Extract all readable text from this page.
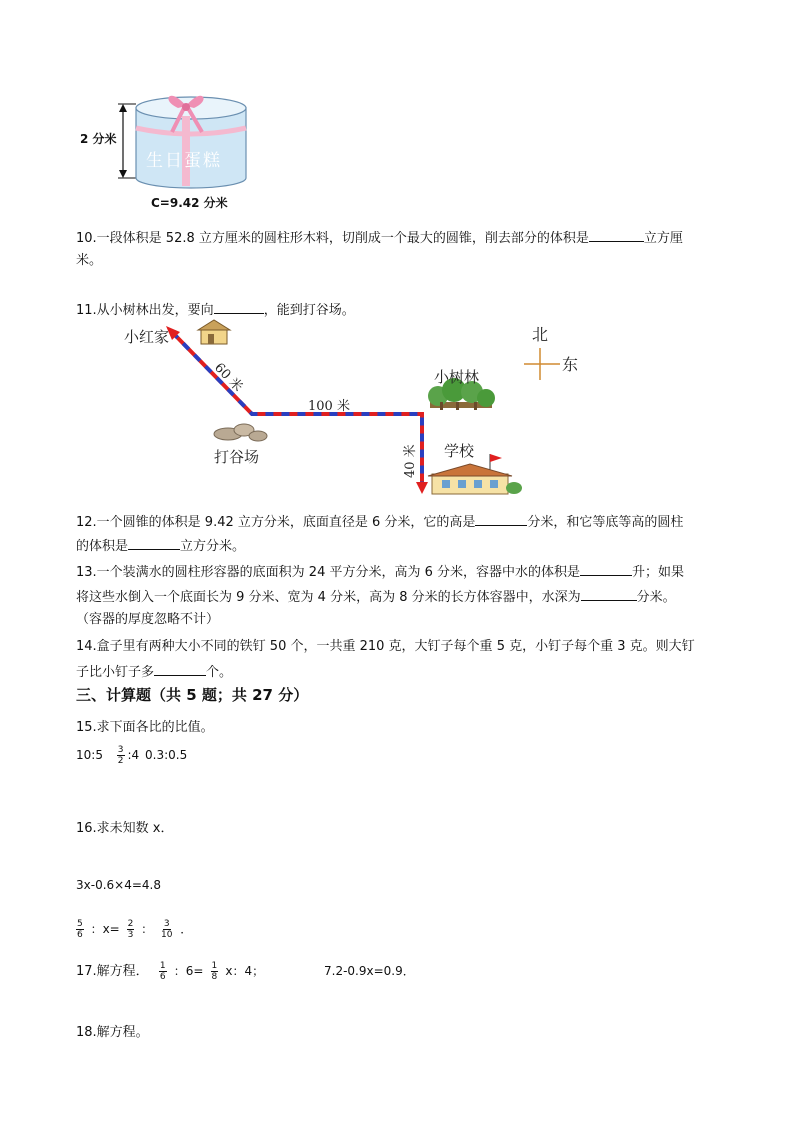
2 分米
生日蛋糕
C=9.42 分米
10.一段体积是 52.8 立方厘米的圆柱形木料，切削成一个最大的圆锥，削去部分的体积是	立方厘
米。
11.从小树林出发，要向	，能到打谷场。
小红家
60 米
100 米
40 米
小树林
学校
打谷场
北
东
12.一个圆锥的体积是 9.42 立方分米，底面直径是 6 分米，它的高是	分米，和它等底等高的圆柱
的体积是	立方分米。
13.一个装满水的圆柱形容器的底面积为 24 平方分米，高为 6 分米，容器中水的体积是	升；如果
将这些水倒入一个底面长为 9 分米、宽为 4 分米，高为 8 分米的长方体容器中，水深为	分米。
（容器的厚度忽略不计）
14.盒子里有两种大小不同的铁钉 50 个，一共重 210 克，大钉子每个重 5 克，小钉子每个重 3 克。则大钉
子比小钉子多	个。
三、计算题（共 5 题；共 27 分）
15.求下面各比的比值。
10:5 $\frac{3}{2}$ :4 0.3:0.5
16.求未知数 x．
3x-0.6×4=4.8
$\frac{5}{6}$ ：$x= \frac{2}{3}$ ： $\frac{3}{10}$ ．
17.解方程． $\frac{1}{6}$ ：$6= \frac{1}{8}$ x：4；	7.2-0.9x=0.9．
18.解方程。
